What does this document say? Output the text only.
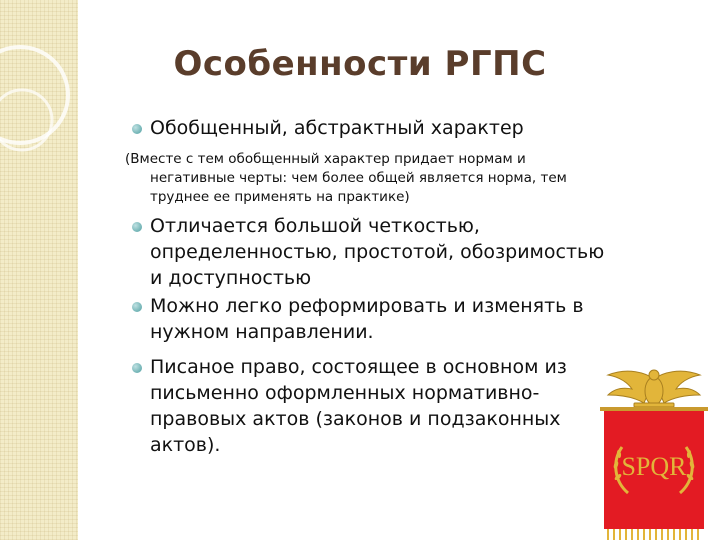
Особенности РГПС
Обобщенный, абстрактный характер
(Вместе с тем обобщенный характер придает нормам и
негативные черты: чем более общей является норма, тем
труднее ее применять на практике)
Отличается большой четкостью,
определенностью, простотой, обозримостью
и доступностью
Можно легко реформировать и изменять в
нужном направлении.
Писаное право, состоящее в основном из
письменно оформленных нормативно-
правовых актов (законов и подзаконных
актов).
SPQR
